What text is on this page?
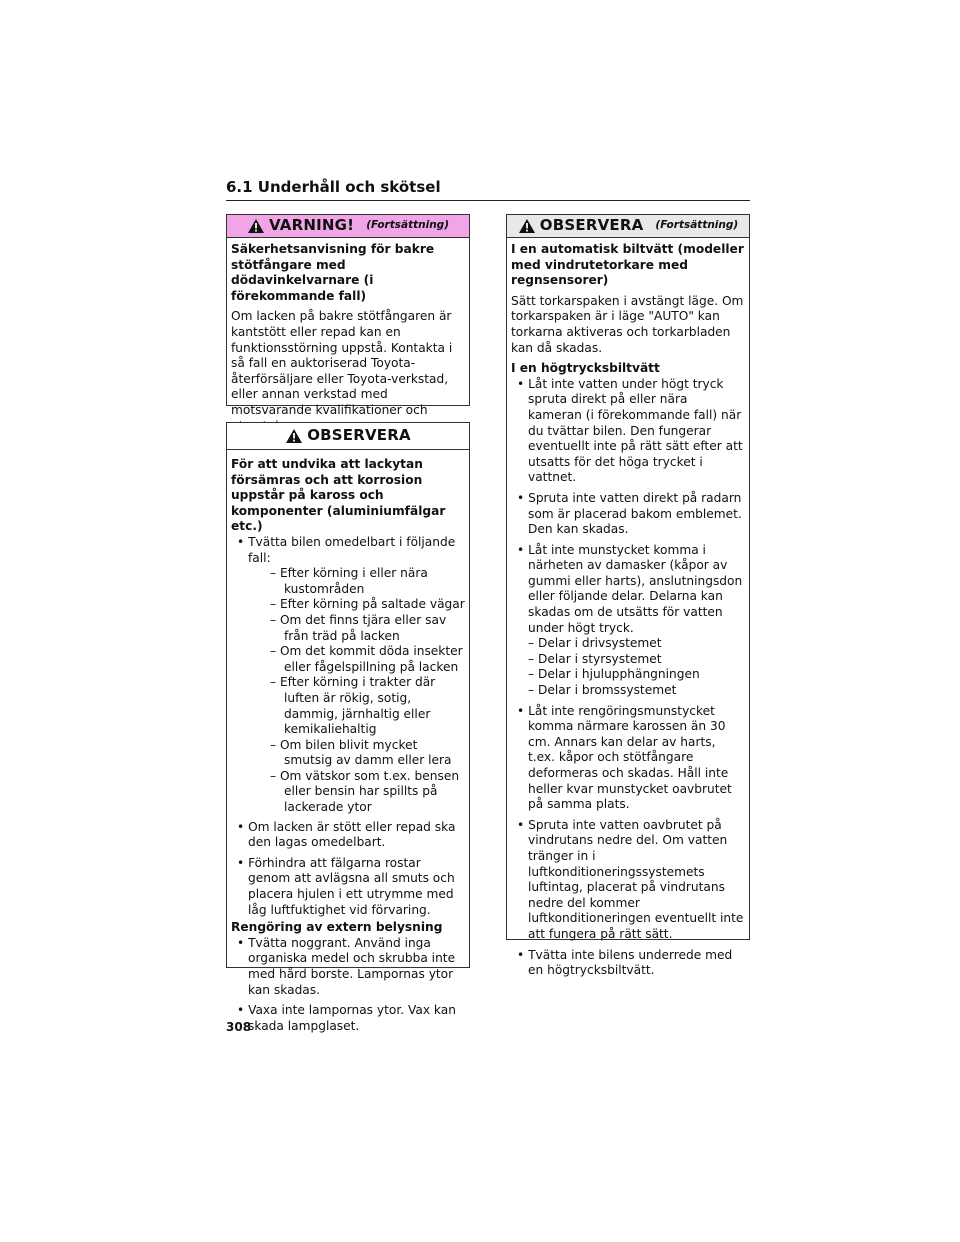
6.1 Underhåll och skötsel
VARNING! (Fortsättning)

Säkerhetsanvisning för bakre stötfångare med dödavinkelvarnare (i förekommande fall)

Om lacken på bakre stötfångaren är kantstött eller repad kan en funktionsstörning uppstå. Kontakta i så fall en auktoriserad Toyota-återförsäljare eller Toyota-verkstad, eller annan verkstad med motsvarande kvalifikationer och

OBSERVERA

För att undvika att lackytan försämras och att korrosion uppstår på kaross och komponenter (aluminiumfälgar etc.)

• Tvätta bilen omedelbart i följande fall:
– Efter körning i eller nära kustområden
– Efter körning på saltade vägar
– Om det finns tjära eller sav från träd på lacken
– Om det kommit döda insekter eller fågelspillning på lacken
– Efter körning i trakter där luften är rökig, sotig, dammig, järnhaltig eller kemikaliehaltig
– Om bilen blivit mycket smutsig av damm eller lera
– Om vätskor som t.ex. bensen eller bensin har spillts på lackerade ytor
• Om lacken är stött eller repad ska den lagas omedelbart.
• Förhindra att fälgarna rostar genom att avlägsna all smuts och placera hjulen i ett utrymme med låg luftfuktighet vid förvaring.

Rengöring av extern belysning

• Tvätta noggrant. Använd inga organiska medel och skrubba inte med hård borste. Lampornas ytor kan skadas.
• Vaxa inte lampornas ytor. Vax kan skada lampglaset.
OBSERVERA (Fortsättning)

I en automatisk biltvätt (modeller med vindrutetorkare med regnsensorer)

Sätt torkarspaken i avstängt läge. Om torkarspaken är i läge "AUTO" kan torkarna aktiveras och torkarbladen kan då skadas.

I en högtrycksbiltvätt

• Låt inte vatten under högt tryck spruta direkt på eller nära kameran (i förekommande fall) när du tvättar bilen. Den fungerar eventuellt inte på rätt sätt efter att utsatts för det höga trycket i vattnet.
• Spruta inte vatten direkt på radarn som är placerad bakom emblemet. Den kan skadas.
• Låt inte munstycket komma i närheten av damasker (kåpor av gummi eller harts), anslutningsdon eller följande delar. Delarna kan skadas om de utsätts för vatten under högt tryck.
– Delar i drivsystemet
– Delar i styrsystemet
– Delar i hjulupphängningen
– Delar i bromssystemet
• Låt inte rengöringsmunstycket komma närmare karossen än 30 cm. Annars kan delar av harts, t.ex. kåpor och stötfångare deformeras och skadas. Håll inte heller kvar munstycket oavbrutet på samma plats.
• Spruta inte vatten oavbrutet på vindrutans nedre del. Om vatten tränger in i luftkonditioneringssystemets luftintag, placerat på vindrutans nedre del kommer luftkonditioneringen eventuellt inte att fungera på rätt sätt.
• Tvätta inte bilens underrede med en högtrycksbiltvätt.
308
